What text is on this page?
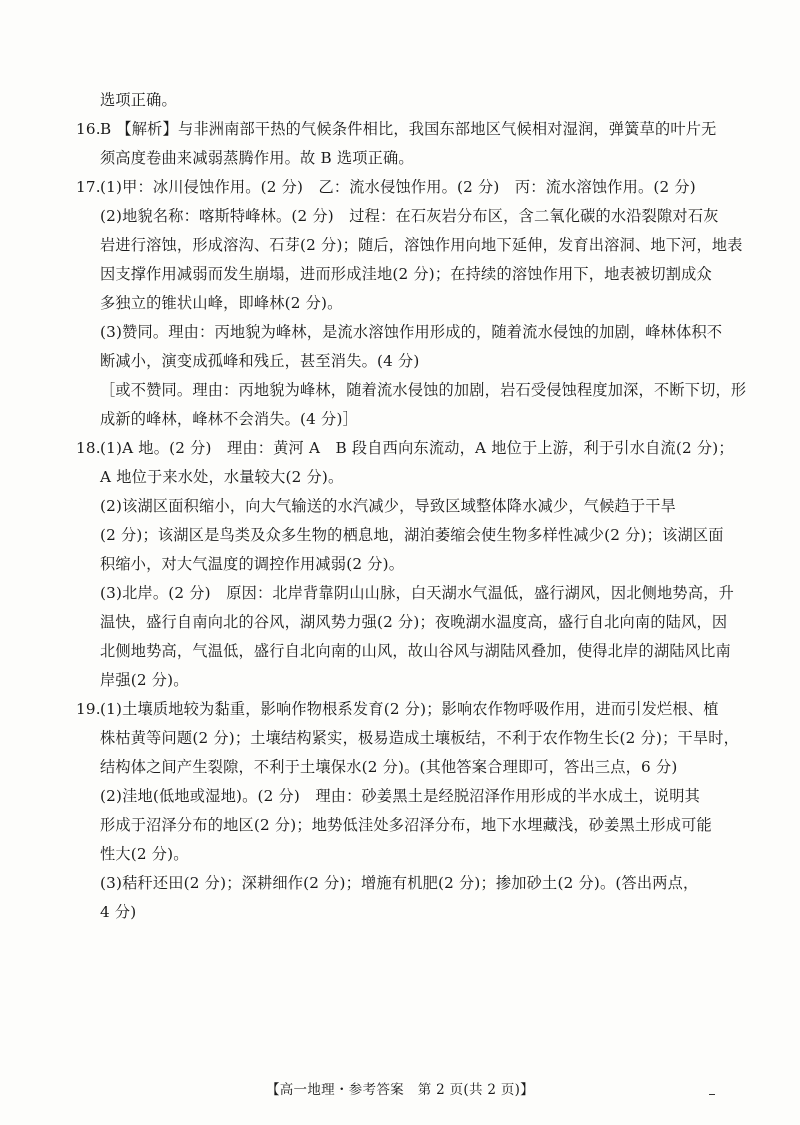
选项正确。
16.B 【解析】与非洲南部干热的气候条件相比，我国东部地区气候相对湿润，弹簧草的叶片无
须高度卷曲来减弱蒸腾作用。故 B 选项正确。
17.(1)甲：冰川侵蚀作用。(2 分)　乙：流水侵蚀作用。(2 分)　丙：流水溶蚀作用。(2 分)
(2)地貌名称：喀斯特峰林。(2 分)　过程：在石灰岩分布区，含二氧化碳的水沿裂隙对石灰
岩进行溶蚀，形成溶沟、石芽(2 分)；随后，溶蚀作用向地下延伸，发育出溶洞、地下河，地表
因支撑作用减弱而发生崩塌，进而形成洼地(2 分)；在持续的溶蚀作用下，地表被切割成众
多独立的锥状山峰，即峰林(2 分)。
(3)赞同。理由：丙地貌为峰林，是流水溶蚀作用形成的，随着流水侵蚀的加剧，峰林体积不
断减小，演变成孤峰和残丘，甚至消失。(4 分)
［或不赞同。理由：丙地貌为峰林，随着流水侵蚀的加剧，岩石受侵蚀程度加深，不断下切，形
成新的峰林，峰林不会消失。(4 分)］
18.(1)A 地。(2 分)　理由：黄河 A　B 段自西向东流动，A 地位于上游，利于引水自流(2 分)；
A 地位于来水处，水量较大(2 分)。
(2)该湖区面积缩小，向大气输送的水汽减少，导致区域整体降水减少，气候趋于干旱
(2 分)；该湖区是鸟类及众多生物的栖息地，湖泊萎缩会使生物多样性减少(2 分)；该湖区面
积缩小，对大气温度的调控作用减弱(2 分)。
(3)北岸。(2 分)　原因：北岸背靠阴山山脉，白天湖水气温低，盛行湖风，因北侧地势高，升
温快，盛行自南向北的谷风，湖风势力强(2 分)；夜晚湖水温度高，盛行自北向南的陆风，因
北侧地势高，气温低，盛行自北向南的山风，故山谷风与湖陆风叠加，使得北岸的湖陆风比南
岸强(2 分)。
19.(1)土壤质地较为黏重，影响作物根系发育(2 分)；影响农作物呼吸作用，进而引发烂根、植
株枯黄等问题(2 分)；土壤结构紧实，极易造成土壤板结，不利于农作物生长(2 分)；干旱时，
结构体之间产生裂隙，不利于土壤保水(2 分)。(其他答案合理即可，答出三点，6 分)
(2)洼地(低地或湿地)。(2 分)　理由：砂姜黑土是经脱沼泽作用形成的半水成土，说明其
形成于沼泽分布的地区(2 分)；地势低洼处多沼泽分布，地下水埋藏浅，砂姜黑土形成可能
性大(2 分)。
(3)秸秆还田(2 分)；深耕细作(2 分)；增施有机肥(2 分)；掺加砂土(2 分)。(答出两点，
4 分)
【高一地理・参考答案　第 2 页(共 2 页)】
